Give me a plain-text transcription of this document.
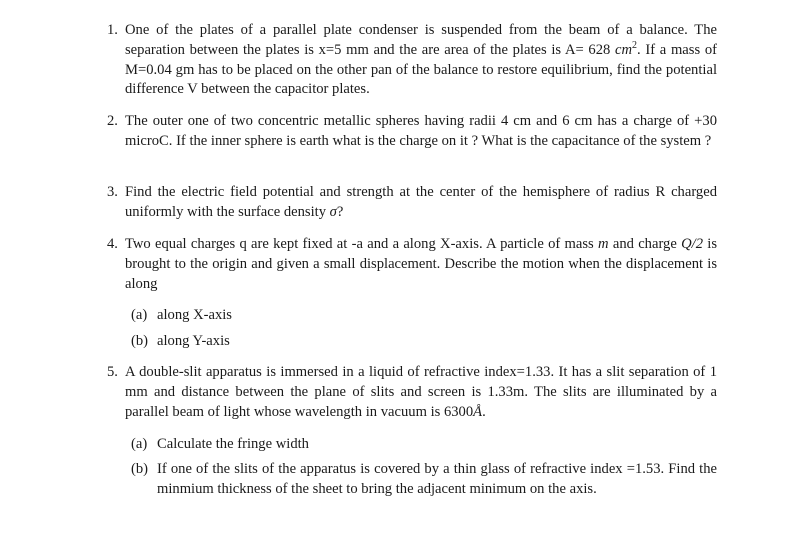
1. One of the plates of a parallel plate condenser is suspended from the beam of a balance. The separation between the plates is x=5 mm and the are area of the plates is A= 628 $cm^2$. If a mass of M=0.04 gm has to be placed on the other pan of the balance to restore equilibrium, find the potential difference V between the capacitor plates.
2. The outer one of two concentric metallic spheres having radii 4 cm and 6 cm has a charge of +30 microC. If the inner sphere is earth what is the charge on it ? What is the capacitance of the system ?
3. Find the electric field potential and strength at the center of the hemisphere of radius R charged uniformly with the surface density σ?
4. Two equal charges q are kept fixed at -a and a along X-axis. A particle of mass m and charge Q/2 is brought to the origin and given a small displacement. Describe the motion when the displacement is along
(a) along X-axis
(b) along Y-axis
5. A double-slit apparatus is immersed in a liquid of refractive index=1.33. It has a slit separation of 1 mm and distance between the plane of slits and screen is 1.33m. The slits are illuminated by a parallel beam of light whose wavelength in vacuum is 6300Å.
(a) Calculate the fringe width
(b) If one of the slits of the apparatus is covered by a thin glass of refractive index =1.53. Find the minmium thickness of the sheet to bring the adjacent minimum on the axis.
